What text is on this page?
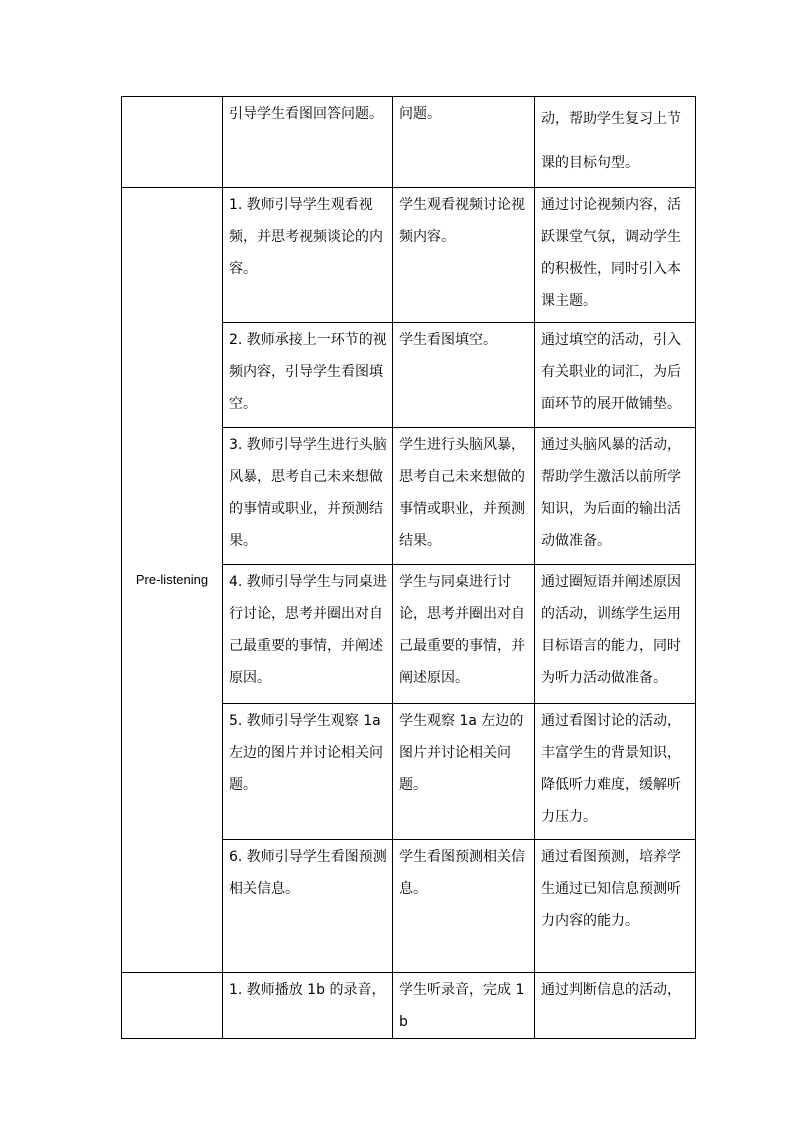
	引导学生看图回答问题。	问题。	动，帮助学生复习上节课的目标句型。

Pre-listening	1. 教师引导学生观看视频，并思考视频谈论的内容。	学生观看视频讨论视频内容。	通过讨论视频内容，活跃课堂气氛，调动学生的积极性，同时引入本课主题。

	2. 教师承接上一环节的视频内容，引导学生看图填空。	学生看图填空。	通过填空的活动，引入有关职业的词汇，为后面环节的展开做铺垫。

	3. 教师引导学生进行头脑风暴，思考自己未来想做的事情或职业，并预测结果。	学生进行头脑风暴，思考自己未来想做的事情或职业，并预测结果。	通过头脑风暴的活动，帮助学生激活以前所学知识，为后面的输出活动做准备。

	4. 教师引导学生与同桌进行讨论，思考并圈出对自己最重要的事情，并阐述原因。	学生与同桌进行讨论，思考并圈出对自己最重要的事情，并阐述原因。	通过圈短语并阐述原因的活动，训练学生运用目标语言的能力，同时为听力活动做准备。

	5. 教师引导学生观察 1a 左边的图片并讨论相关问题。	学生观察 1a 左边的图片并讨论相关问题。	通过看图讨论的活动，丰富学生的背景知识，降低听力难度，缓解听力压力。

	6. 教师引导学生看图预测相关信息。	学生看图预测相关信息。	通过看图预测，培养学生通过已知信息预测听力内容的能力。

	1. 教师播放 1b 的录音，	学生听录音，完成 1b	通过判断信息的活动，
